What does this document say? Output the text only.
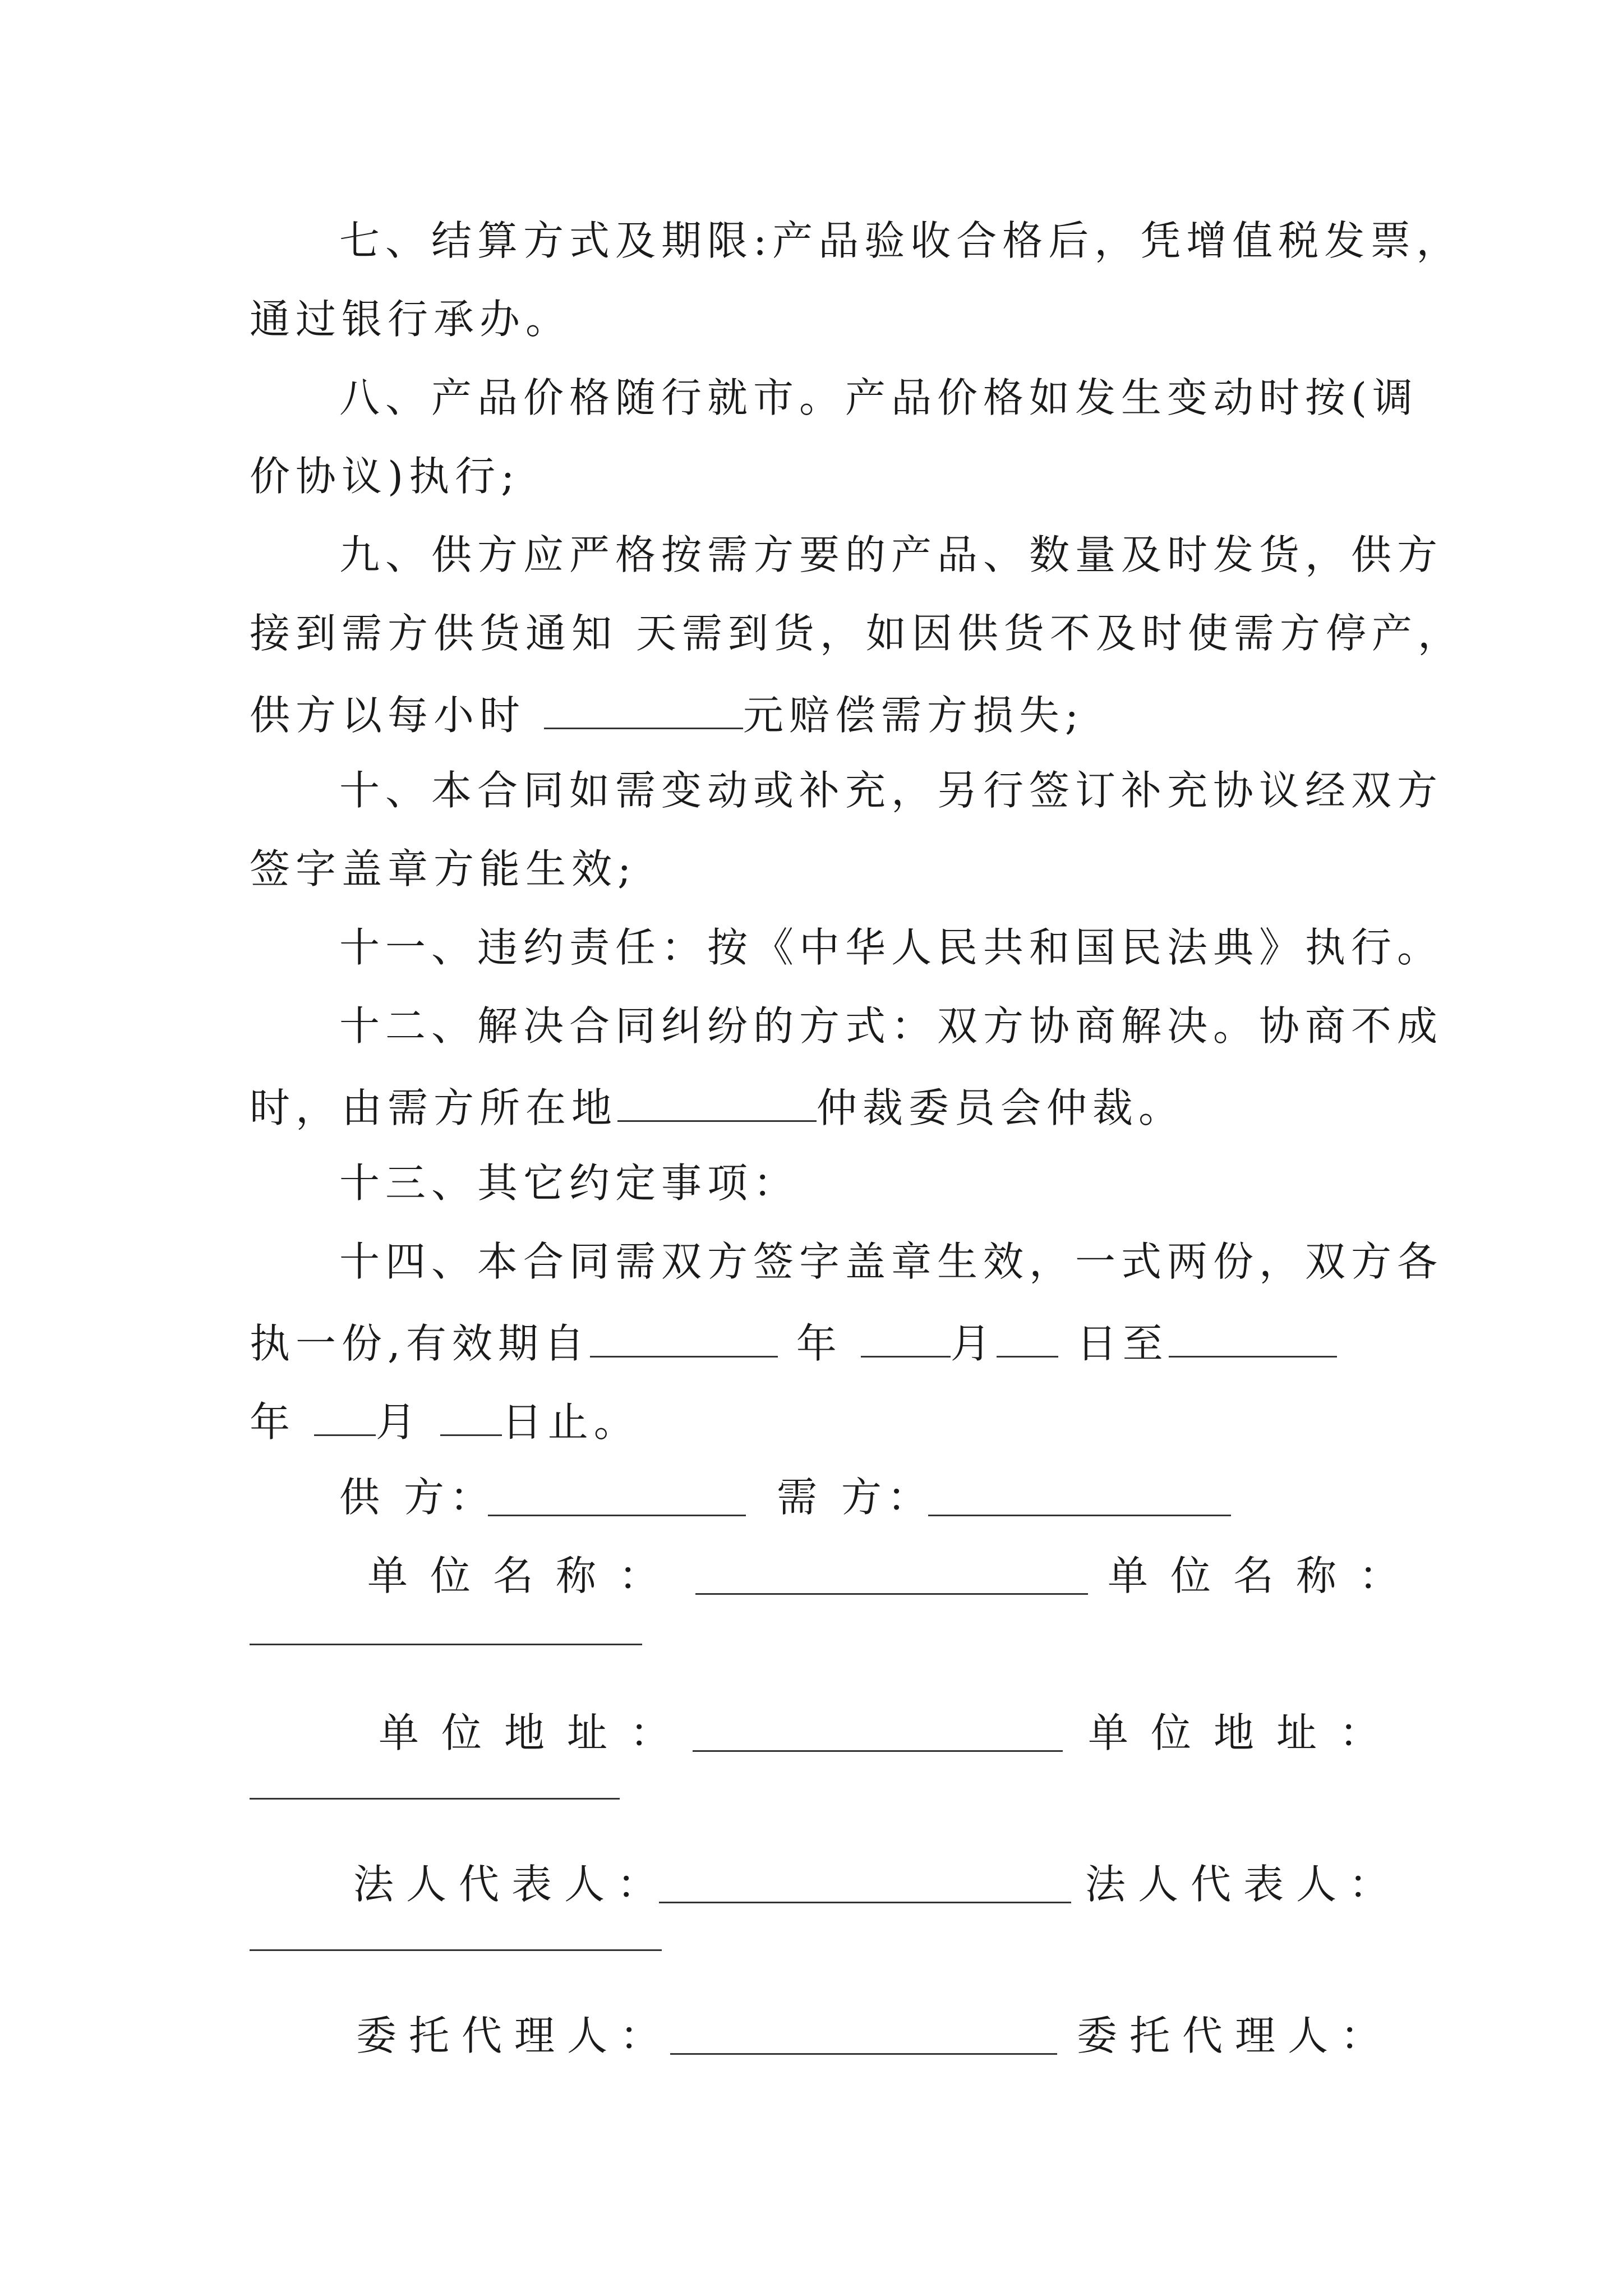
七、结算方式及期限:产品验收合格后，凭增值税发票，
通过银行承办。
八、产品价格随行就市。产品价格如发生变动时按(调
价协议)执行;
九、供方应严格按需方要的产品、数量及时发货，供方
接到需方供货通知 天需到货，如因供货不及时使需方停产，
供方以每小时	元赔偿需方损失;
十、本合同如需变动或补充，另行签订补充协议经双方
签字盖章方能生效;
十一、违约责任：按《中华人民共和国民法典》执行。
十二、解决合同纠纷的方式：双方协商解决。协商不成
时，由需方所在地	仲裁委员会仲裁。
十三、其它约定事项：
十四、本合同需双方签字盖章生效，一式两份，双方各
执一份,有效期自	年 月 日至
年 月 日止。
供 方：	需 方：
单位名称：	单位名称：
单位地址：	单位地址：
法人代表人：	法人代表人：
委托代理人：	委托代理人：
